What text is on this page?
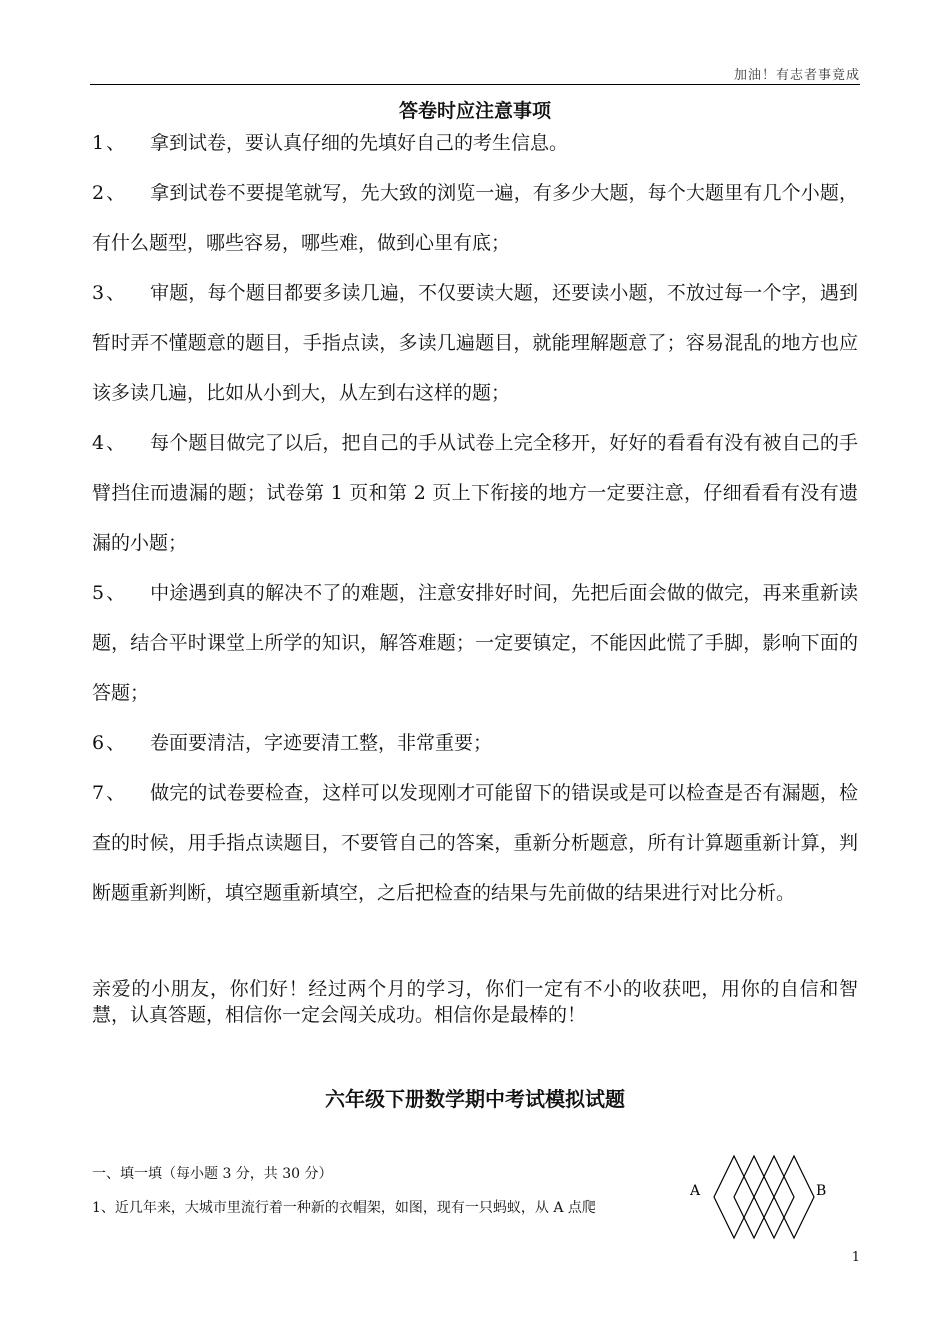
加油！有志者事竟成
答卷时应注意事项

1、 拿到试卷，要认真仔细的先填好自己的考生信息。

2、 拿到试卷不要提笔就写，先大致的浏览一遍，有多少大题，每个大题里有几个小题，有什么题型，哪些容易，哪些难，做到心里有底；

3、 审题，每个题目都要多读几遍，不仅要读大题，还要读小题，不放过每一个字，遇到暂时弄不懂题意的题目，手指点读，多读几遍题目，就能理解题意了；容易混乱的地方也应该多读几遍，比如从小到大，从左到右这样的题；

4、 每个题目做完了以后，把自己的手从试卷上完全移开，好好的看看有没有被自己的手臂挡住而遗漏的题；试卷第 1 页和第 2 页上下衔接的地方一定要注意，仔细看看有没有遗漏的小题；

5、 中途遇到真的解决不了的难题，注意安排好时间，先把后面会做的做完，再来重新读题，结合平时课堂上所学的知识，解答难题；一定要镇定，不能因此慌了手脚，影响下面的答题；

6、 卷面要清洁，字迹要清工整，非常重要；

7、 做完的试卷要检查，这样可以发现刚才可能留下的错误或是可以检查是否有漏题，检查的时候，用手指点读题目，不要管自己的答案，重新分析题意，所有计算题重新计算，判断题重新判断，填空题重新填空，之后把检查的结果与先前做的结果进行对比分析。

亲爱的小朋友，你们好！经过两个月的学习，你们一定有不小的收获吧，用你的自信和智慧，认真答题，相信你一定会闯关成功。相信你是最棒的！

六年级下册数学期中考试模拟试题
一、填一填（每小题 3 分，共 30 分）
1、近几年来，大城市里流行着一种新的衣帽架，如图，现有一只蚂蚁，从 A 点爬
A	B
1
